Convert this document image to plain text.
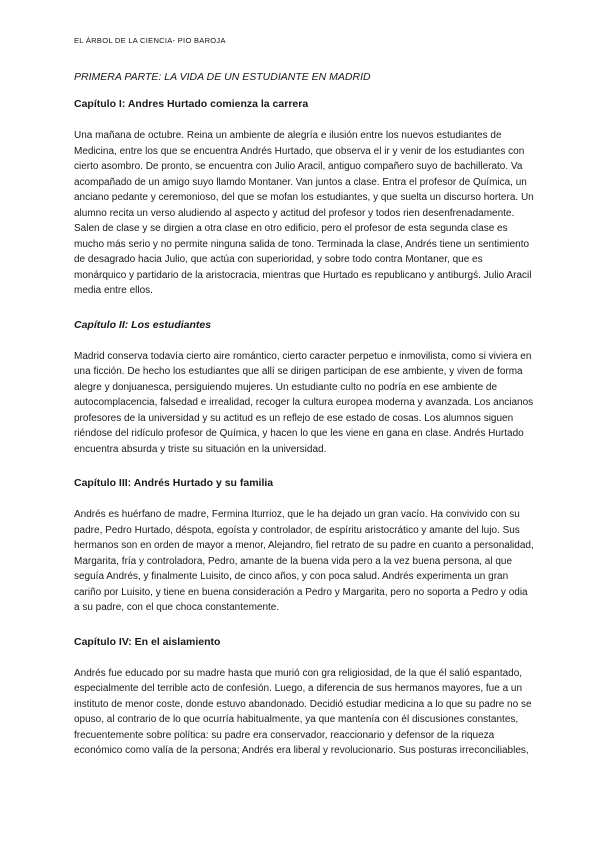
EL ÁRBOL DE LA CIENCIA- PIO BAROJA
PRIMERA PARTE: LA VIDA DE UN ESTUDIANTE EN MADRID
Capítulo I: Andres Hurtado comienza la carrera
Una mañana de octubre. Reina un ambiente de alegría e ilusión entre los nuevos estudiantes de Medicina, entre los que se encuentra Andrés Hurtado, que observa el ir y venir de los estudiantes con cierto asombro. De pronto, se encuentra con Julio Aracil, antiguo compañero suyo de bachillerato. Va acompañado de un amigo suyo llamdo Montaner. Van juntos a clase. Entra el profesor de Química, un anciano pedante y ceremonioso, del que se mofan los estudiantes, y que suelta un discurso hortera. Un alumno recita un verso aludiendo al aspecto y actitud del profesor y todos rien desenfrenadamente. Salen de clase y se dirgien a otra clase en otro edificio, pero el profesor de esta segunda clase es mucho más serio y no permite ninguna salida de tono. Terminada la clase, Andrés tiene un sentimiento de desagrado hacia Julio, que actúa con superioridad, y sobre todo contra Montaner, que es monárquico y partidario de la aristocracia, mientras que Hurtado es republicano y antiburgś. Julio Aracil media entre ellos.
Capítulo II: Los estudiantes
Madrid conserva todavía cierto aire romántico, cierto caracter perpetuo e inmovilista, como si viviera en una ficción. De hecho los estudiantes que allí se dirigen participan de ese ambiente, y viven de forma alegre y donjuanesca, persiguiendo mujeres. Un estudiante culto no podría en ese ambiente de autocomplacencia, falsedad e irrealidad, recoger la cultura europea moderna y avanzada. Los ancianos profesores de la universidad y su actitud es un reflejo de ese estado de cosas. Los alumnos siguen riéndose del ridículo profesor de Química, y hacen lo que les viene en gana en clase. Andrés Hurtado encuentra absurda y triste su situación en la universidad.
Capítulo III: Andrés Hurtado y su familia
Andrés es huérfano de madre, Fermina Iturrioz, que le ha dejado un gran vacío. Ha convivido con su padre, Pedro Hurtado, déspota, egoísta y controlador, de espíritu aristocrático y amante del lujo. Sus hermanos son en orden de mayor a menor, Alejandro, fiel retrato de su padre en cuanto a personalidad, Margarita, fría y controladora, Pedro, amante de la buena vida pero a la vez buena persona, al que seguía Andrés, y finalmente Luisito, de cinco años, y con poca salud. Andrés experimenta un gran cariño por Luisito, y tiene en buena consideración a Pedro y Margarita, pero no soporta a Pedro y odia a su padre, con el que choca constantemente.
Capítulo IV: En el aislamiento
Andrés fue educado por su madre hasta que murió con gra religiosidad, de la que él salió espantado, especialmente del terrible acto de confesión. Luego, a diferencia de sus hermanos mayores, fue a un instituto de menor coste, donde estuvo abandonado. Decidió estudiar medicina a lo que su padre no se opuso, al contrario de lo que ocurría habitualmente, ya que mantenía con él discusiones constantes, frecuentemente sobre política: su padre era conservador, reaccionario y defensor de la riqueza económico como valía de la persona; Andrés era liberal y revolucionario. Sus posturas irreconciliables,
